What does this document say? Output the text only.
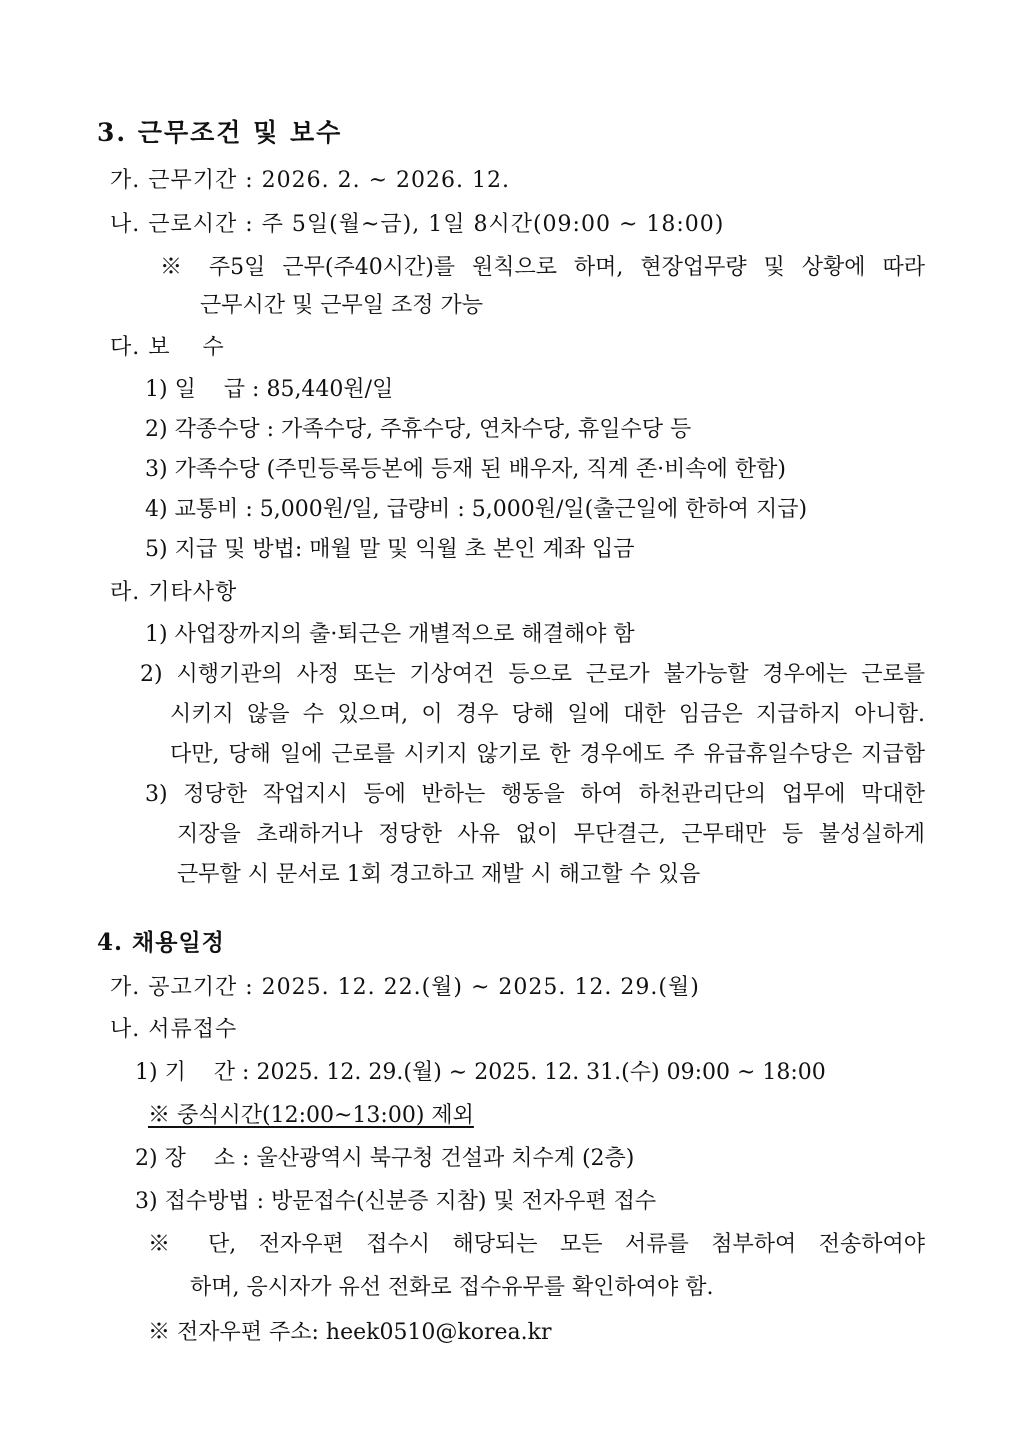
3. 근무조건 및 보수
가. 근무기간 : 2026. 2. ~ 2026. 12.
나. 근로시간 : 주 5일(월~금), 1일 8시간(09:00 ~ 18:00)
※ 주5일 근무(주40시간)를 원칙으로 하며, 현장업무량 및 상황에 따라
근무시간 및 근무일 조정 가능
다. 보    수
1) 일    급 : 85,440원/일
2) 각종수당 : 가족수당, 주휴수당, 연차수당, 휴일수당 등
3) 가족수당 (주민등록등본에 등재 된 배우자, 직계 존·비속에 한함)
4) 교통비 : 5,000원/일, 급량비 : 5,000원/일(출근일에 한하여 지급)
5) 지급 및 방법: 매월 말 및 익월 초 본인 계좌 입금
라. 기타사항
1) 사업장까지의 출·퇴근은 개별적으로 해결해야 함
2) 시행기관의 사정 또는 기상여건 등으로 근로가 불가능할 경우에는 근로를
시키지 않을 수 있으며, 이 경우 당해 일에 대한 임금은 지급하지 아니함.
다만, 당해 일에 근로를 시키지 않기로 한 경우에도 주 유급휴일수당은 지급함
3) 정당한 작업지시 등에 반하는 행동을 하여 하천관리단의 업무에 막대한
지장을 초래하거나 정당한 사유 없이 무단결근, 근무태만 등 불성실하게
근무할 시 문서로 1회 경고하고 재발 시 해고할 수 있음
4. 채용일정
가. 공고기간 : 2025. 12. 22.(월) ~ 2025. 12. 29.(월)
나. 서류접수
1) 기    간 : 2025. 12. 29.(월) ∼ 2025. 12. 31.(수) 09:00 ~ 18:00
※ 중식시간(12:00~13:00) 제외
2) 장    소 : 울산광역시 북구청 건설과 치수계 (2층)
3) 접수방법 : 방문접수(신분증 지참) 및 전자우편 접수
※ 단, 전자우편 접수시 해당되는 모든 서류를 첨부하여 전송하여야
하며, 응시자가 유선 전화로 접수유무를 확인하여야 함.
※ 전자우편 주소: heek0510@korea.kr
